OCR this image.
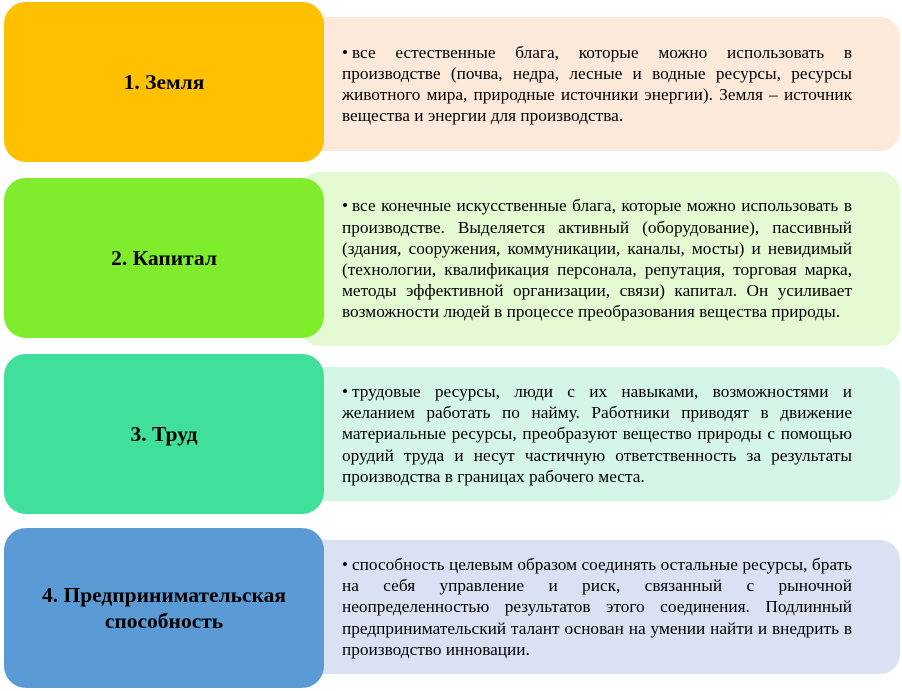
• все естественные блага, которые можно использовать в производстве (почва, недра, лесные и водные ресурсы, ресурсы животного мира, природные источники энергии). Земля – источник вещества и энергии для производства.
1. Земля
• все конечные искусственные блага, которые можно использовать в производстве. Выделяется активный (оборудование), пассивный (здания, сооружения, коммуникации, каналы, мосты) и невидимый (технологии, квалификация персонала, репутация, торговая марка, методы эффективной организации, связи) капитал. Он усиливает возможности людей в процессе преобразования вещества природы.
2. Капитал
• трудовые ресурсы, люди с их навыками, возможностями и желанием работать по найму. Работники приводят в движение материальные ресурсы, преобразуют вещество природы с помощью орудий труда и несут частичную ответственность за результаты производства в границах рабочего места.
3. Труд
• способность целевым образом соединять остальные ресурсы, брать на себя управление и риск, связанный с рыночной неопределенностью результатов этого соединения. Подлинный предпринимательский талант основан на умении найти и внедрить в производство инновации.
4. Предпринимательская способность
